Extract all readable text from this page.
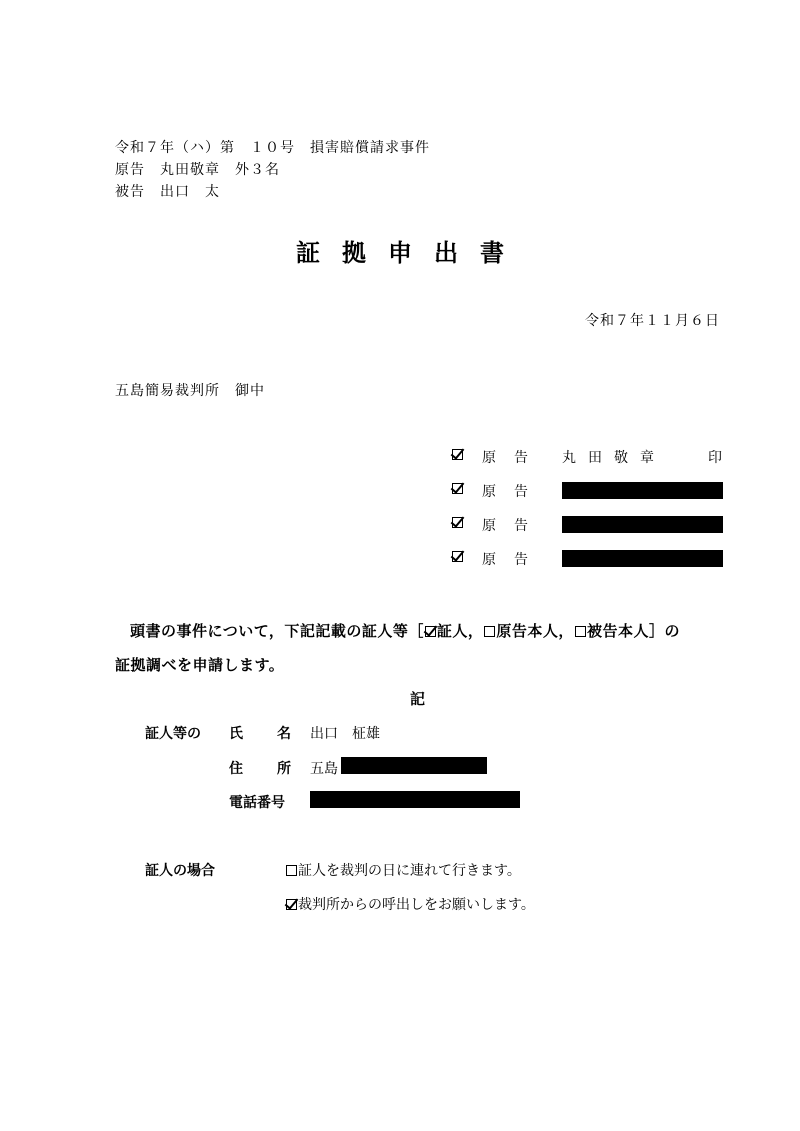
令和７年（ハ）第　１０号　損害賠償請求事件
原告　丸田敬章　外３名
被告　出口　太
証拠申出書
令和７年１１月６日
五島簡易裁判所　御中
原告 丸田敬章	印
原告
原告
原告
頭書の事件について，下記記載の証人等［ 証人， 原告本人， 被告本人］の
証拠調べを申請します。
記
証人等の 氏　　名 出口　柾雄
住　　所 五島
電話番号
証人の場合	証人を裁判の日に連れて行きます。
裁判所からの呼出しをお願いします。
